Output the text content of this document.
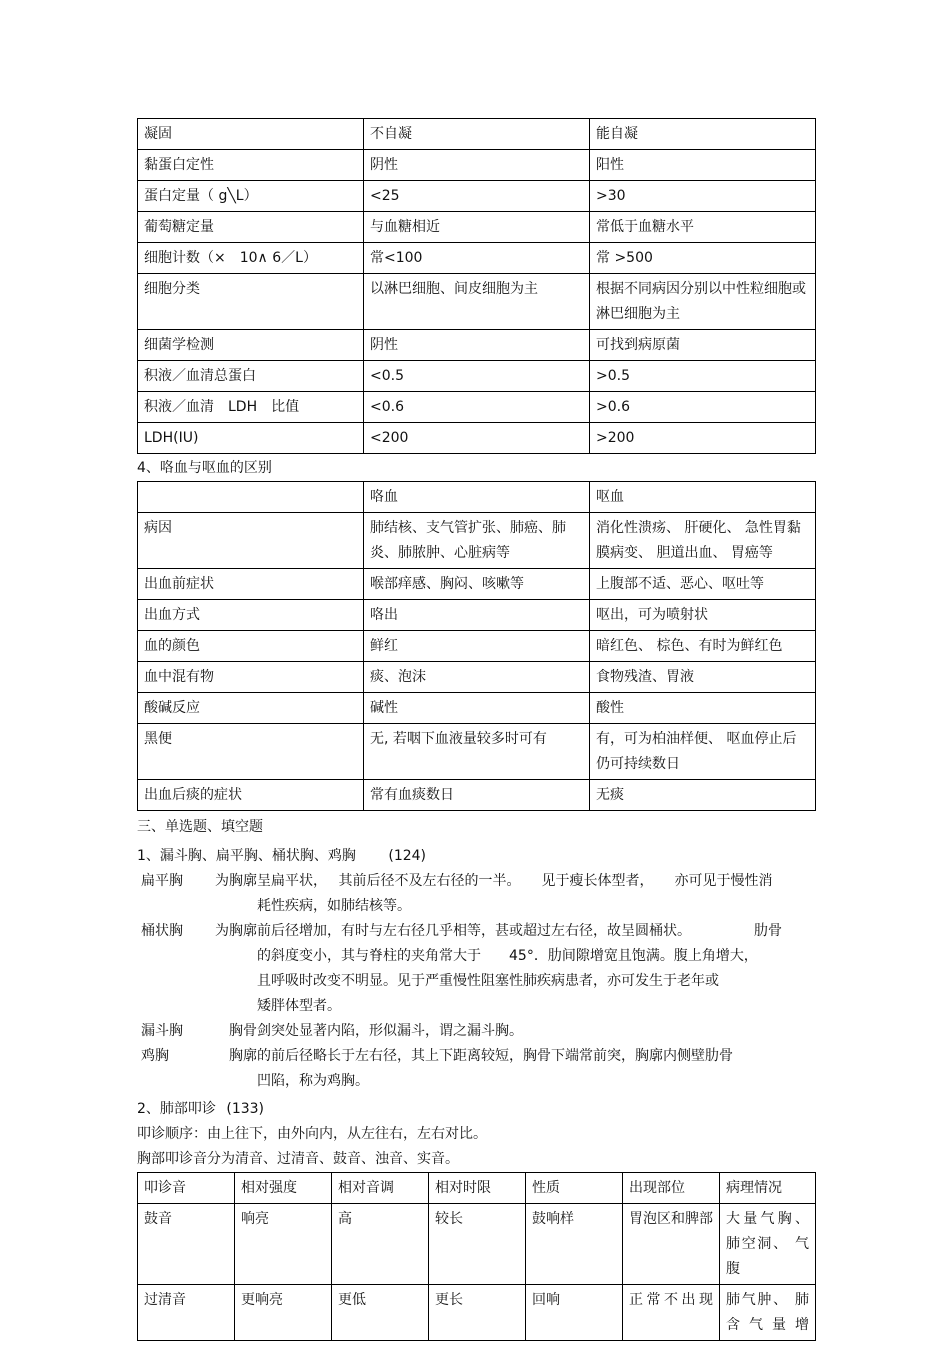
凝固	不自凝	能自凝
黏蛋白定性	阴性	阳性
蛋白定量（ g╲L）	<25	>30
葡萄糖定量	与血糖相近	常低于血糖水平
细胞计数（×　10∧ 6／L）	常<100	常 >500
细胞分类	以淋巴细胞、间皮细胞为主	根据不同病因分别以中性粒细胞或淋巴细胞为主
细菌学检测	阴性	可找到病原菌
积液／血清总蛋白	<0.5	>0.5
积液／血清　LDH　比值	<0.6	>0.6
LDH(IU)	<200	>200

4、咯血与呕血的区别

	咯血	呕血
病因	肺结核、支气管扩张、肺癌、肺炎、肺脓肿、心脏病等	消化性溃疡、 肝硬化、 急性胃黏膜病变、 胆道出血、 胃癌等
出血前症状	喉部痒感、胸闷、咳嗽等	上腹部不适、恶心、呕吐等
出血方式	咯出	呕出，可为喷射状
血的颜色	鲜红	暗红色、 棕色、有时为鲜红色
血中混有物	痰、泡沫	食物残渣、胃液
酸碱反应	碱性	酸性
黑便	无, 若咽下血液量较多时可有	有，可为柏油样便、 呕血停止后仍可持续数日
出血后痰的症状	常有血痰数日	无痰

三、单选题、填空题

1、漏斗胸、扁平胸、桶状胸、鸡胸 (124)

扁平胸	为胸廓呈扁平状，　 其前后径不及左右径的一半。　　见于瘦长体型者，　　亦可见于慢性消
耗性疾病，如肺结核等。
桶状胸	为胸廓前后径增加，有时与左右径几乎相等，甚或超过左右径，故呈圆桶状。　　　　　肋骨
的斜度变小，其与脊柱的夹角常大于　　45°．肋间隙增宽且饱满。腹上角增大，
且呼吸时改变不明显。见于严重慢性阻塞性肺疾病患者，亦可发生于老年或
矮胖体型者。
漏斗胸	　胸骨剑突处显著内陷，形似漏斗，谓之漏斗胸。
鸡胸	　胸廓的前后径略长于左右径，其上下距离较短，胸骨下端常前突，胸廓内侧壁肋骨
凹陷，称为鸡胸。

2、肺部叩诊 (133)

叩诊顺序：由上往下，由外向内，从左往右，左右对比。

胸部叩诊音分为清音、过清音、鼓音、浊音、实音。

叩诊音	相对强度	相对音调	相对时限	性质	出现部位	病理情况
鼓音	响亮	高	较长	鼓响样	胃泡区和脾部	大量气胸、肺空洞、 气腹
过清音	更响亮	更低	更长	回响	正常不出现	肺气肿、 肺含气量增
